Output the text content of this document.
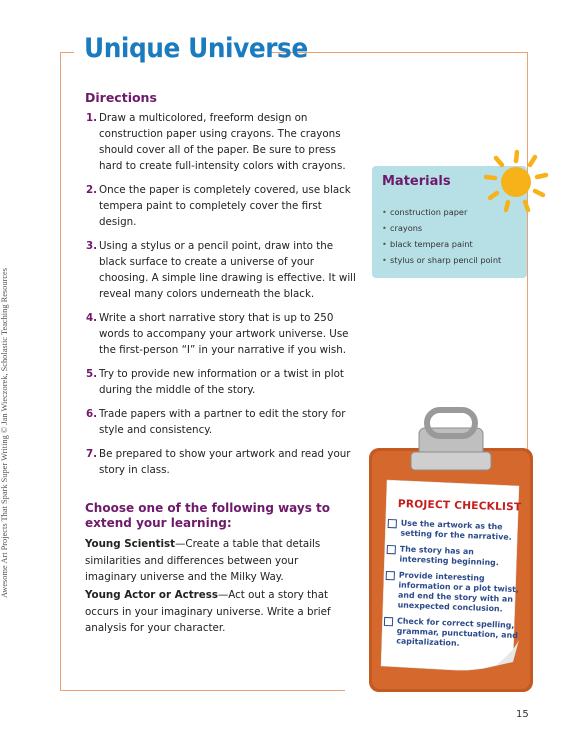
Unique Universe
Awesome Art Projects That Spark Super Writing © Jan Wieczorek, Scholastic Teaching Resources
Directions
1. Draw a multicolored, freeform design on construction paper using crayons. The crayons should cover all of the paper. Be sure to press hard to create full-intensity colors with crayons.
2. Once the paper is completely covered, use black tempera paint to completely cover the first design.
3. Using a stylus or a pencil point, draw into the black surface to create a universe of your choosing. A simple line drawing is effective. It will reveal many colors underneath the black.
4. Write a short narrative story that is up to 250 words to accompany your artwork universe. Use the first-person “I” in your narrative if you wish.
5. Try to provide new information or a twist in plot during the middle of the story.
6. Trade papers with a partner to edit the story for style and consistency.
7. Be prepared to show your artwork and read your story in class.
Choose one of the following ways to extend your learning:

Young Scientist—Create a table that details similarities and differences between your imaginary universe and the Milky Way.

Young Actor or Actress—Act out a story that occurs in your imaginary universe. Write a brief analysis for your character.

Materials
• construction paper
• crayons
• black tempera paint
• stylus or sharp pencil point
PROJECT CHECKLIST
Use the artwork as the setting for the narrative.
The story has an interesting beginning.
Provide interesting information or a plot twist, and end the story with an unexpected conclusion.
Check for correct spelling, grammar, punctuation, and capitalization.
15
